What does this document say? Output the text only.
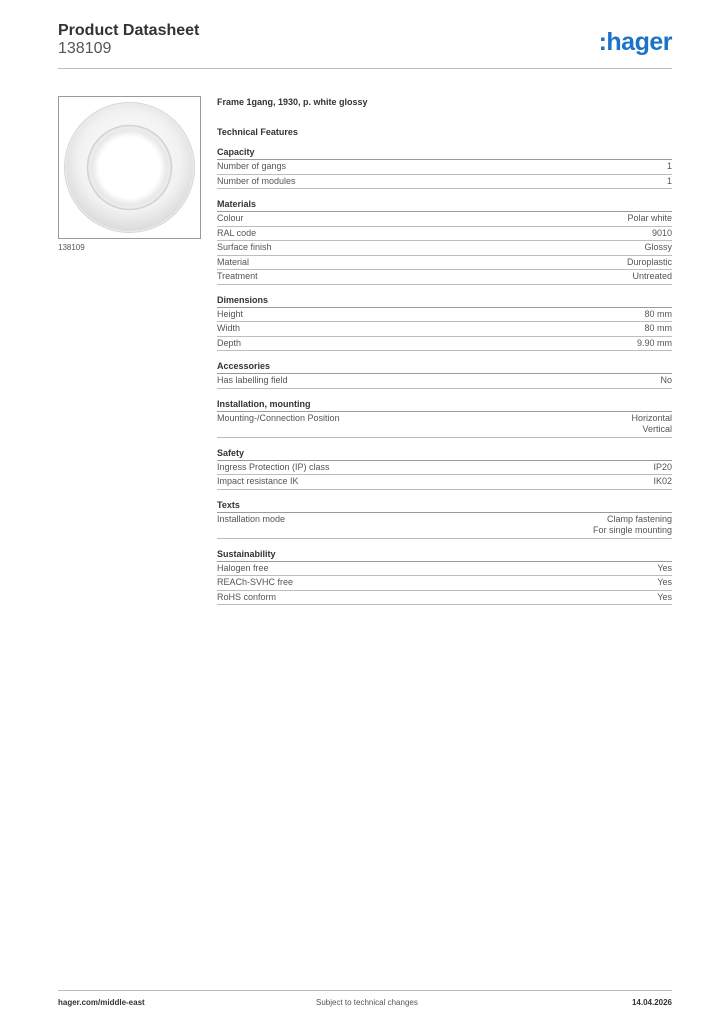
Product Datasheet
138109	:hager
138109
Frame 1gang, 1930, p. white glossy
Technical Features
Capacity
Number of gangs	1
Number of modules	1
Materials
Colour	Polar white
RAL code	9010
Surface finish	Glossy
Material	Duroplastic
Treatment	Untreated
Dimensions
Height	80 mm
Width	80 mm
Depth	9.90 mm
Accessories
Has labelling field	No
Installation, mounting
Mounting-/Connection Position	Horizontal
Vertical
Safety
Ingress Protection (IP) class	IP20
Impact resistance IK	IK02
Texts
Installation mode	Clamp fastening
For single mounting
Sustainability
Halogen free	Yes
REACh-SVHC free	Yes
RoHS conform	Yes
hager.com/middle-east	Subject to technical changes	14.04.2026
